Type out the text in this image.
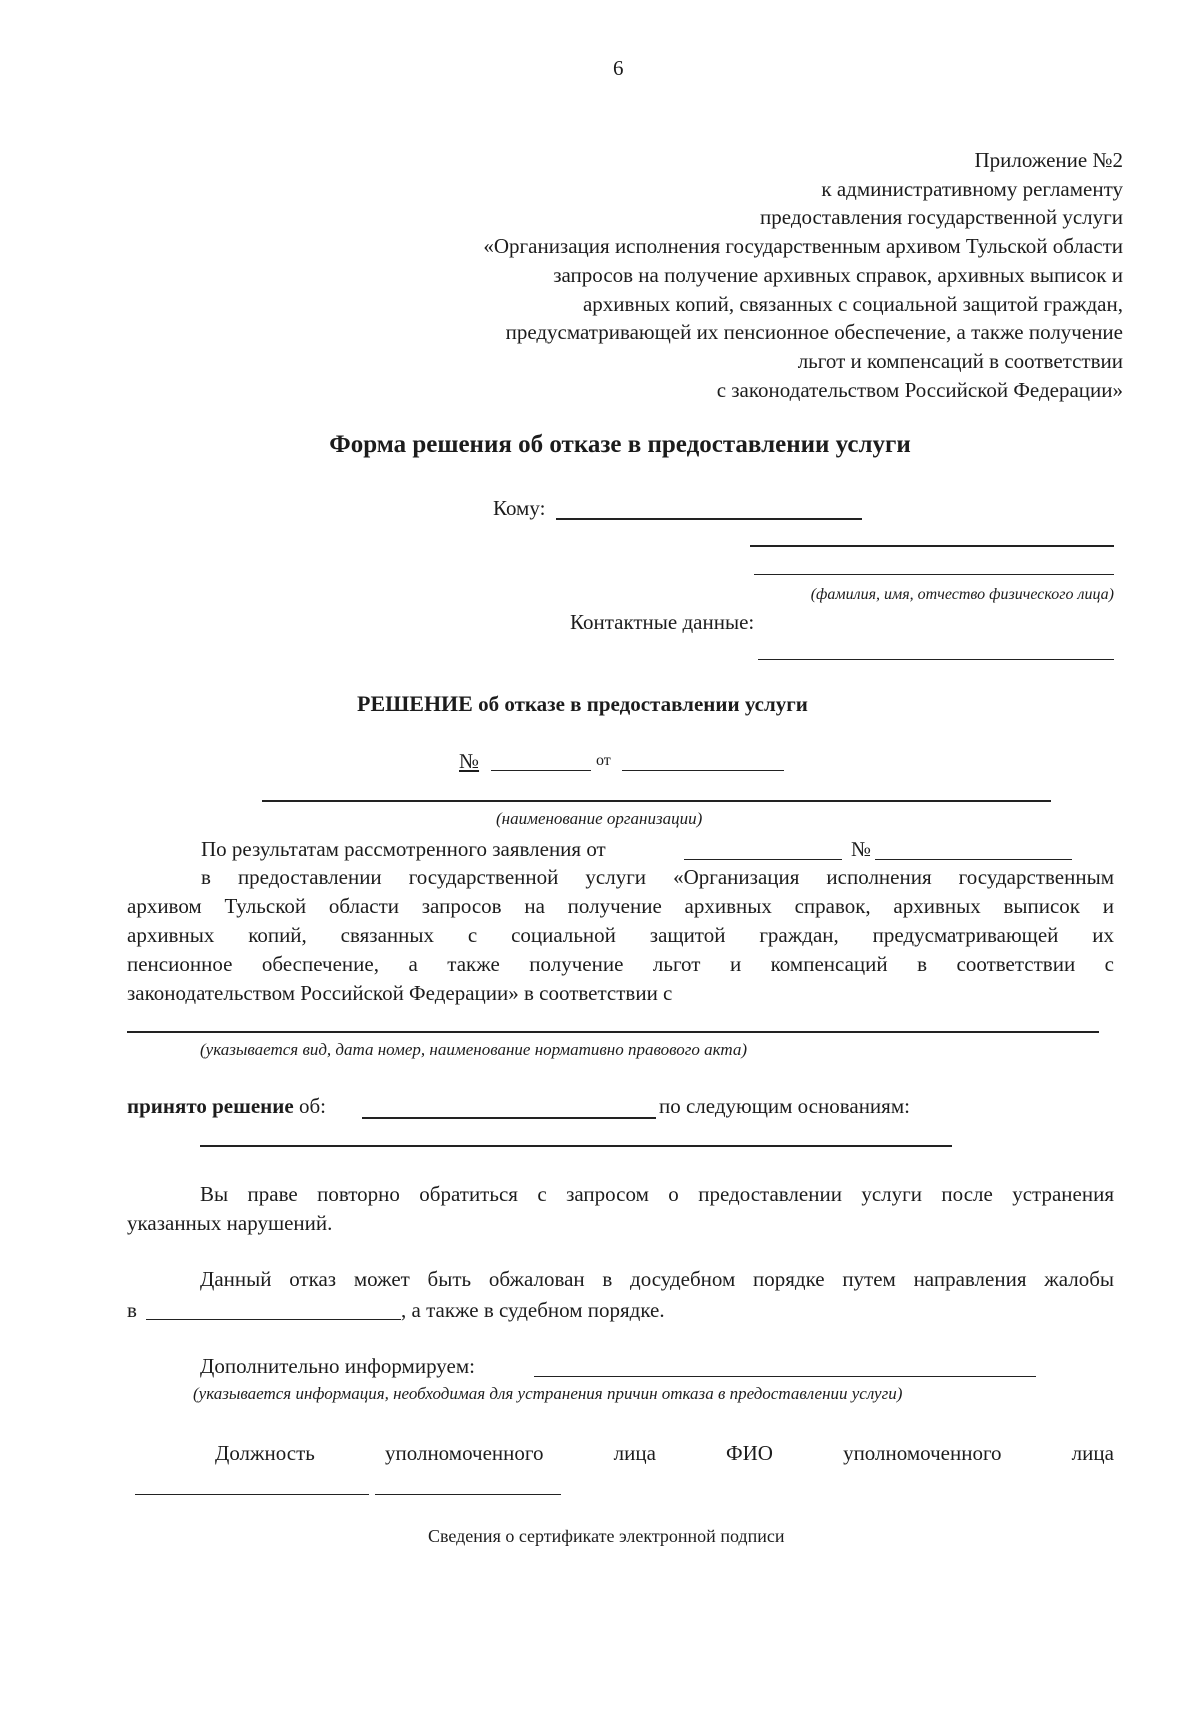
6
Приложение №2
к административному регламенту
предоставления государственной услуги
«Организация исполнения государственным архивом Тульской области
запросов на получение архивных справок, архивных выписок и
архивных копий, связанных с социальной защитой граждан,
предусматривающей их пенсионное обеспечение, а также получение
льгот и компенсаций в соответствии
с законодательством Российской Федерации»
Форма решения об отказе в предоставлении услуги
Кому:
(фамилия, имя, отчество физического лица)
Контактные данные:
РЕШЕНИЕ об отказе в предоставлении услуги
№	от
(наименование организации)
По результатам рассмотренного заявления от	№
в предоставлении государственной услуги «Организация исполнения государственным
архивом Тульской области запросов на получение архивных справок, архивных выписок и
архивных копий, связанных с социальной защитой граждан, предусматривающей их
пенсионное обеспечение, а также получение льгот и компенсаций в соответствии с
законодательством Российской Федерации» в соответствии с
(указывается вид, дата номер, наименование нормативно правового акта)
принято решение об:	по следующим основаниям:
Вы праве повторно обратиться с запросом о предоставлении услуги после устранения
указанных нарушений.
Данный отказ может быть обжалован в досудебном порядке путем направления жалобы
в	, а также в судебном порядке.
Дополнительно информируем:
(указывается информация, необходимая для устранения причин отказа в предоставлении услуги)
Должность	уполномоченного	лица	ФИО	уполномоченного	лица
Сведения о сертификате электронной подписи
